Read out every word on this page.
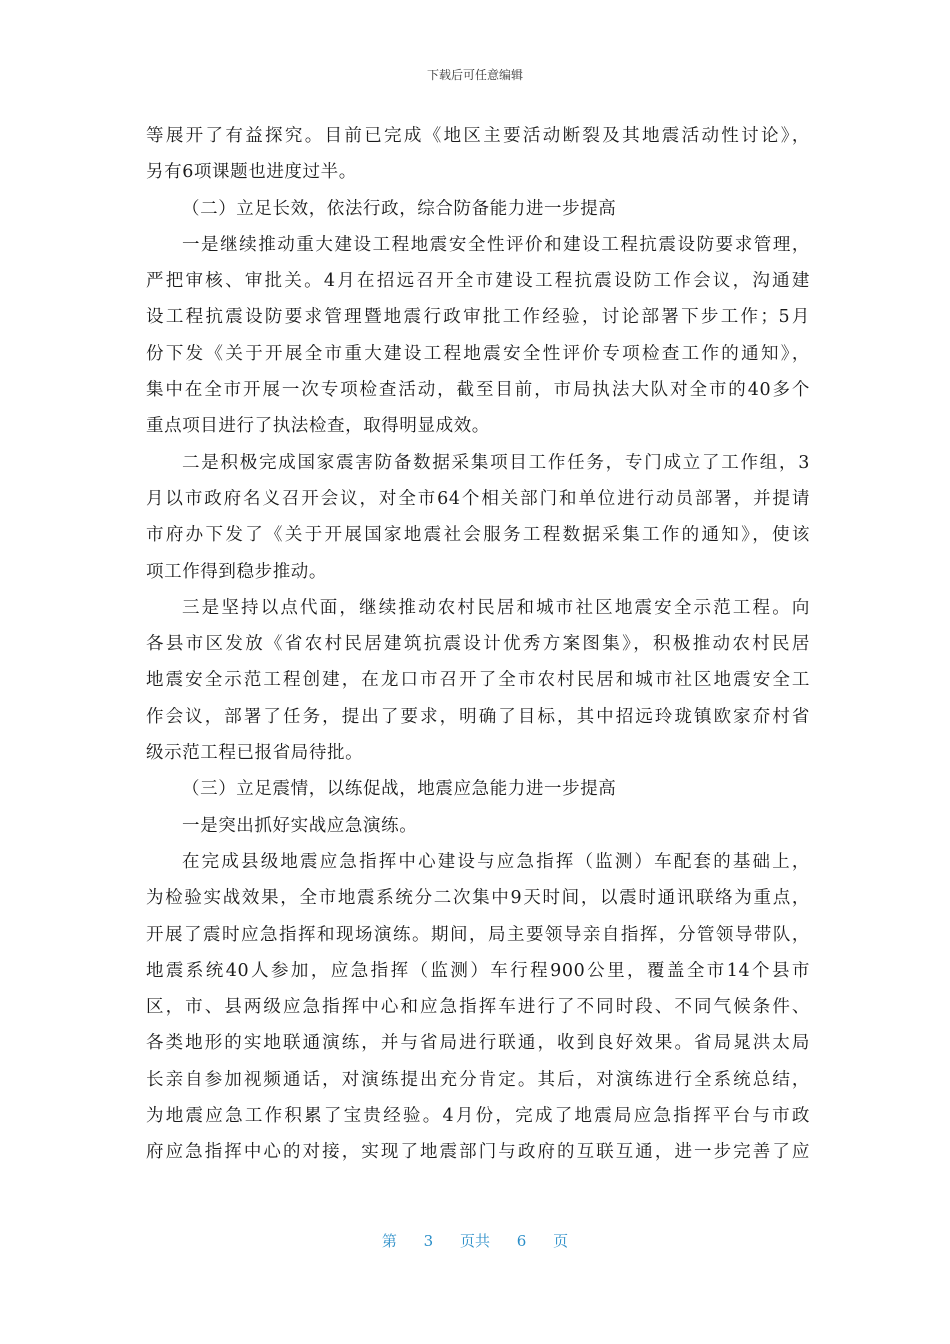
下载后可任意编辑
等展开了有益探究。目前已完成《地区主要活动断裂及其地震活动性讨论》，
另有6项课题也进度过半。
（二）立足长效，依法行政，综合防备能力进一步提高
一是继续推动重大建设工程地震安全性评价和建设工程抗震设防要求管理，
严把审核、审批关。4月在招远召开全市建设工程抗震设防工作会议，沟通建
设工程抗震设防要求管理暨地震行政审批工作经验，讨论部署下步工作；5月
份下发《关于开展全市重大建设工程地震安全性评价专项检查工作的通知》，
集中在全市开展一次专项检查活动，截至目前，市局执法大队对全市的40多个
重点项目进行了执法检查，取得明显成效。
二是积极完成国家震害防备数据采集项目工作任务，专门成立了工作组，3
月以市政府名义召开会议，对全市64个相关部门和单位进行动员部署，并提请
市府办下发了《关于开展国家地震社会服务工程数据采集工作的通知》，使该
项工作得到稳步推动。
三是坚持以点代面，继续推动农村民居和城市社区地震安全示范工程。向
各县市区发放《省农村民居建筑抗震设计优秀方案图集》，积极推动农村民居
地震安全示范工程创建，在龙口市召开了全市农村民居和城市社区地震安全工
作会议，部署了任务，提出了要求，明确了目标，其中招远玲珑镇欧家夼村省
级示范工程已报省局待批。
（三）立足震情，以练促战，地震应急能力进一步提高
一是突出抓好实战应急演练。
在完成县级地震应急指挥中心建设与应急指挥（监测）车配套的基础上，
为检验实战效果，全市地震系统分二次集中9天时间，以震时通讯联络为重点，
开展了震时应急指挥和现场演练。期间，局主要领导亲自指挥，分管领导带队，
地震系统40人参加，应急指挥（监测）车行程900公里，覆盖全市14个县市
区，市、县两级应急指挥中心和应急指挥车进行了不同时段、不同气候条件、
各类地形的实地联通演练，并与省局进行联通，收到良好效果。省局晁洪太局
长亲自参加视频通话，对演练提出充分肯定。其后，对演练进行全系统总结，
为地震应急工作积累了宝贵经验。4月份，完成了地震局应急指挥平台与市政
府应急指挥中心的对接，实现了地震部门与政府的互联互通，进一步完善了应
第 3 页共 6 页
